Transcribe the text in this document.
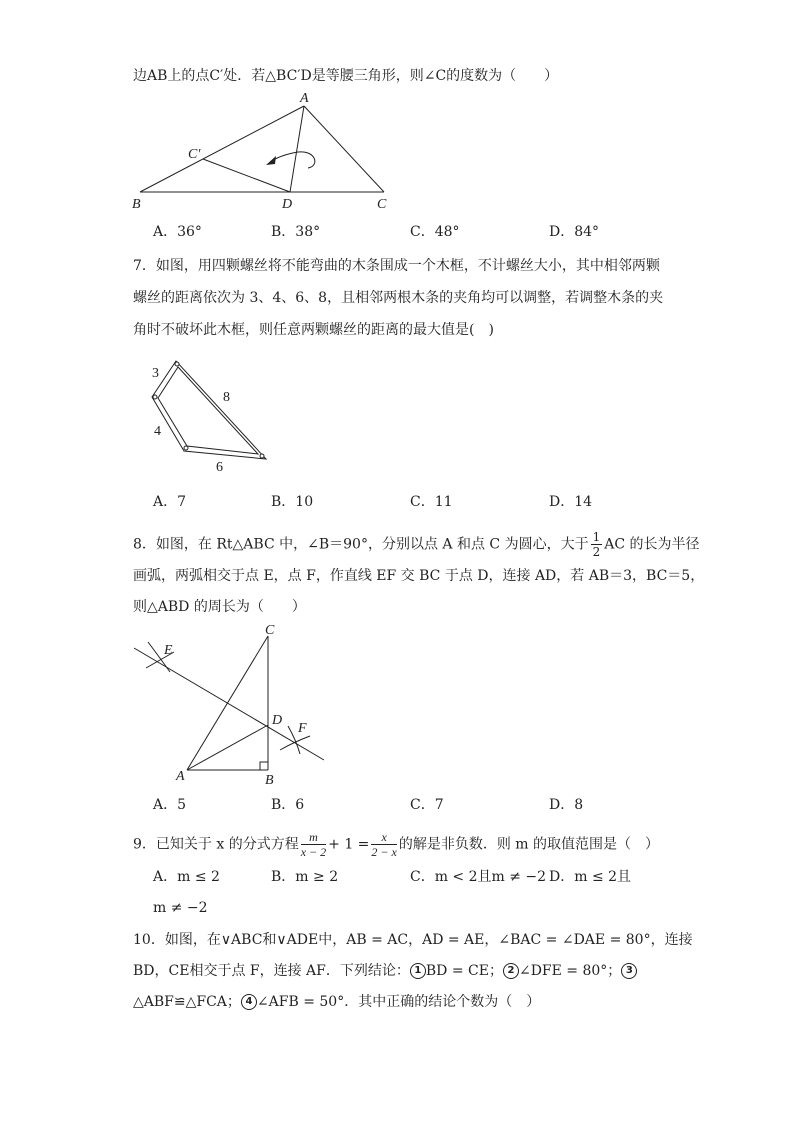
边AB上的点C′处．若△BC′D是等腰三角形，则∠C的度数为（　　）
A
C′
B	D	C
A．36°	B．38°	C．48°	D．84°
7．如图，用四颗螺丝将不能弯曲的木条围成一个木框，不计螺丝大小，其中相邻两颗
螺丝的距离依次为 3、4、6、8，且相邻两根木条的夹角均可以调整，若调整木条的夹
角时不破坏此木框，则任意两颗螺丝的距离的最大值是(　)
3
4
6
8
A．7	B．10	C．11	D．14
8．如图，在 Rt△ABC 中，∠B＝90°，分别以点 A 和点 C 为圆心，大于 $\frac{1}{2}$ AC 的长为半径
画弧，两弧相交于点 E，点 F，作直线 EF 交 BC 于点 D，连接 AD，若 AB＝3，BC＝5，
则△ABD 的周长为（　　）
C
E
D
F
A	B
A．5	B．6	C．7	D．8
9．已知关于 x 的分式方程 $\frac{m}{x - 2} + 1 = \frac{x}{2 - x}$ 的解是非负数．则 m 的取值范围是（　）
A．m ≤ 2	B．m ≥ 2	C．m < 2且m ≠ −2 D．m ≤ 2且
m ≠ −2
10．如图，在∨ABC和∨ADE中，AB = AC，AD = AE，∠BAC = ∠DAE = 80°，连接
BD，CE相交于点 F，连接 AF．下列结论： 1 BD = CE； 2 ∠DFE = 80°； 3
△ABF≌△FCA； 4 ∠AFB = 50°．其中正确的结论个数为（　）
